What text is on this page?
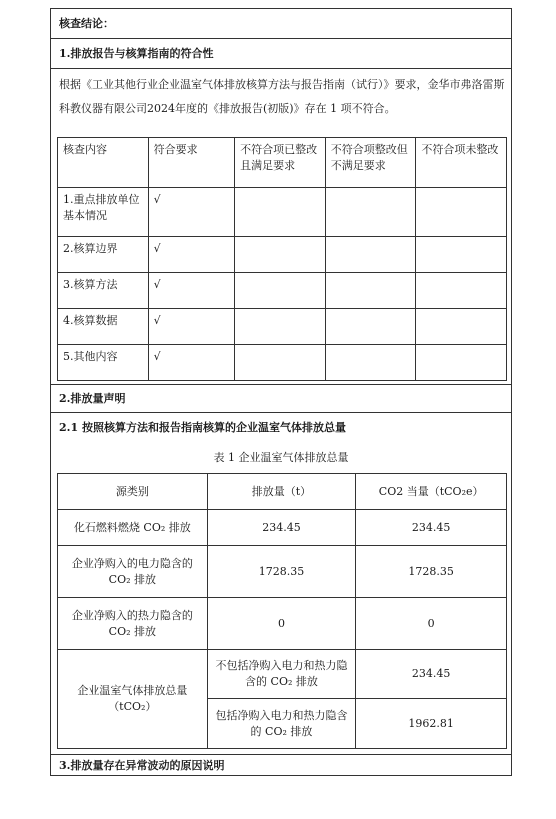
核查结论：
1.排放报告与核算指南的符合性
根据《工业其他行业企业温室气体排放核算方法与报告指南（试行）》要求，金华市弗洛雷斯科教仪器有限公司2024年度的《排放报告(初版)》存在 1 项不符合。
核查内容	符合要求	不符合项已整改且满足要求	不符合项整改但不满足要求	不符合项未整改
1.重点排放单位基本情况	√			
2.核算边界	√			
3.核算方法	√			
4.核算数据	√			
5.其他内容	√			
2.排放量声明
2.1 按照核算方法和报告指南核算的企业温室气体排放总量
表 1 企业温室气体排放总量
源类别	排放量（t）	CO2 当量（tCO₂e）
化石燃料燃烧 CO₂ 排放	234.45	234.45
企业净购入的电力隐含的 CO₂ 排放	1728.35	1728.35
企业净购入的热力隐含的 CO₂ 排放	0	0
企业温室气体排放总量（tCO₂）	不包括净购入电力和热力隐含的 CO₂ 排放	234.45
	包括净购入电力和热力隐含的 CO₂ 排放	1962.81
3.排放量存在异常波动的原因说明
